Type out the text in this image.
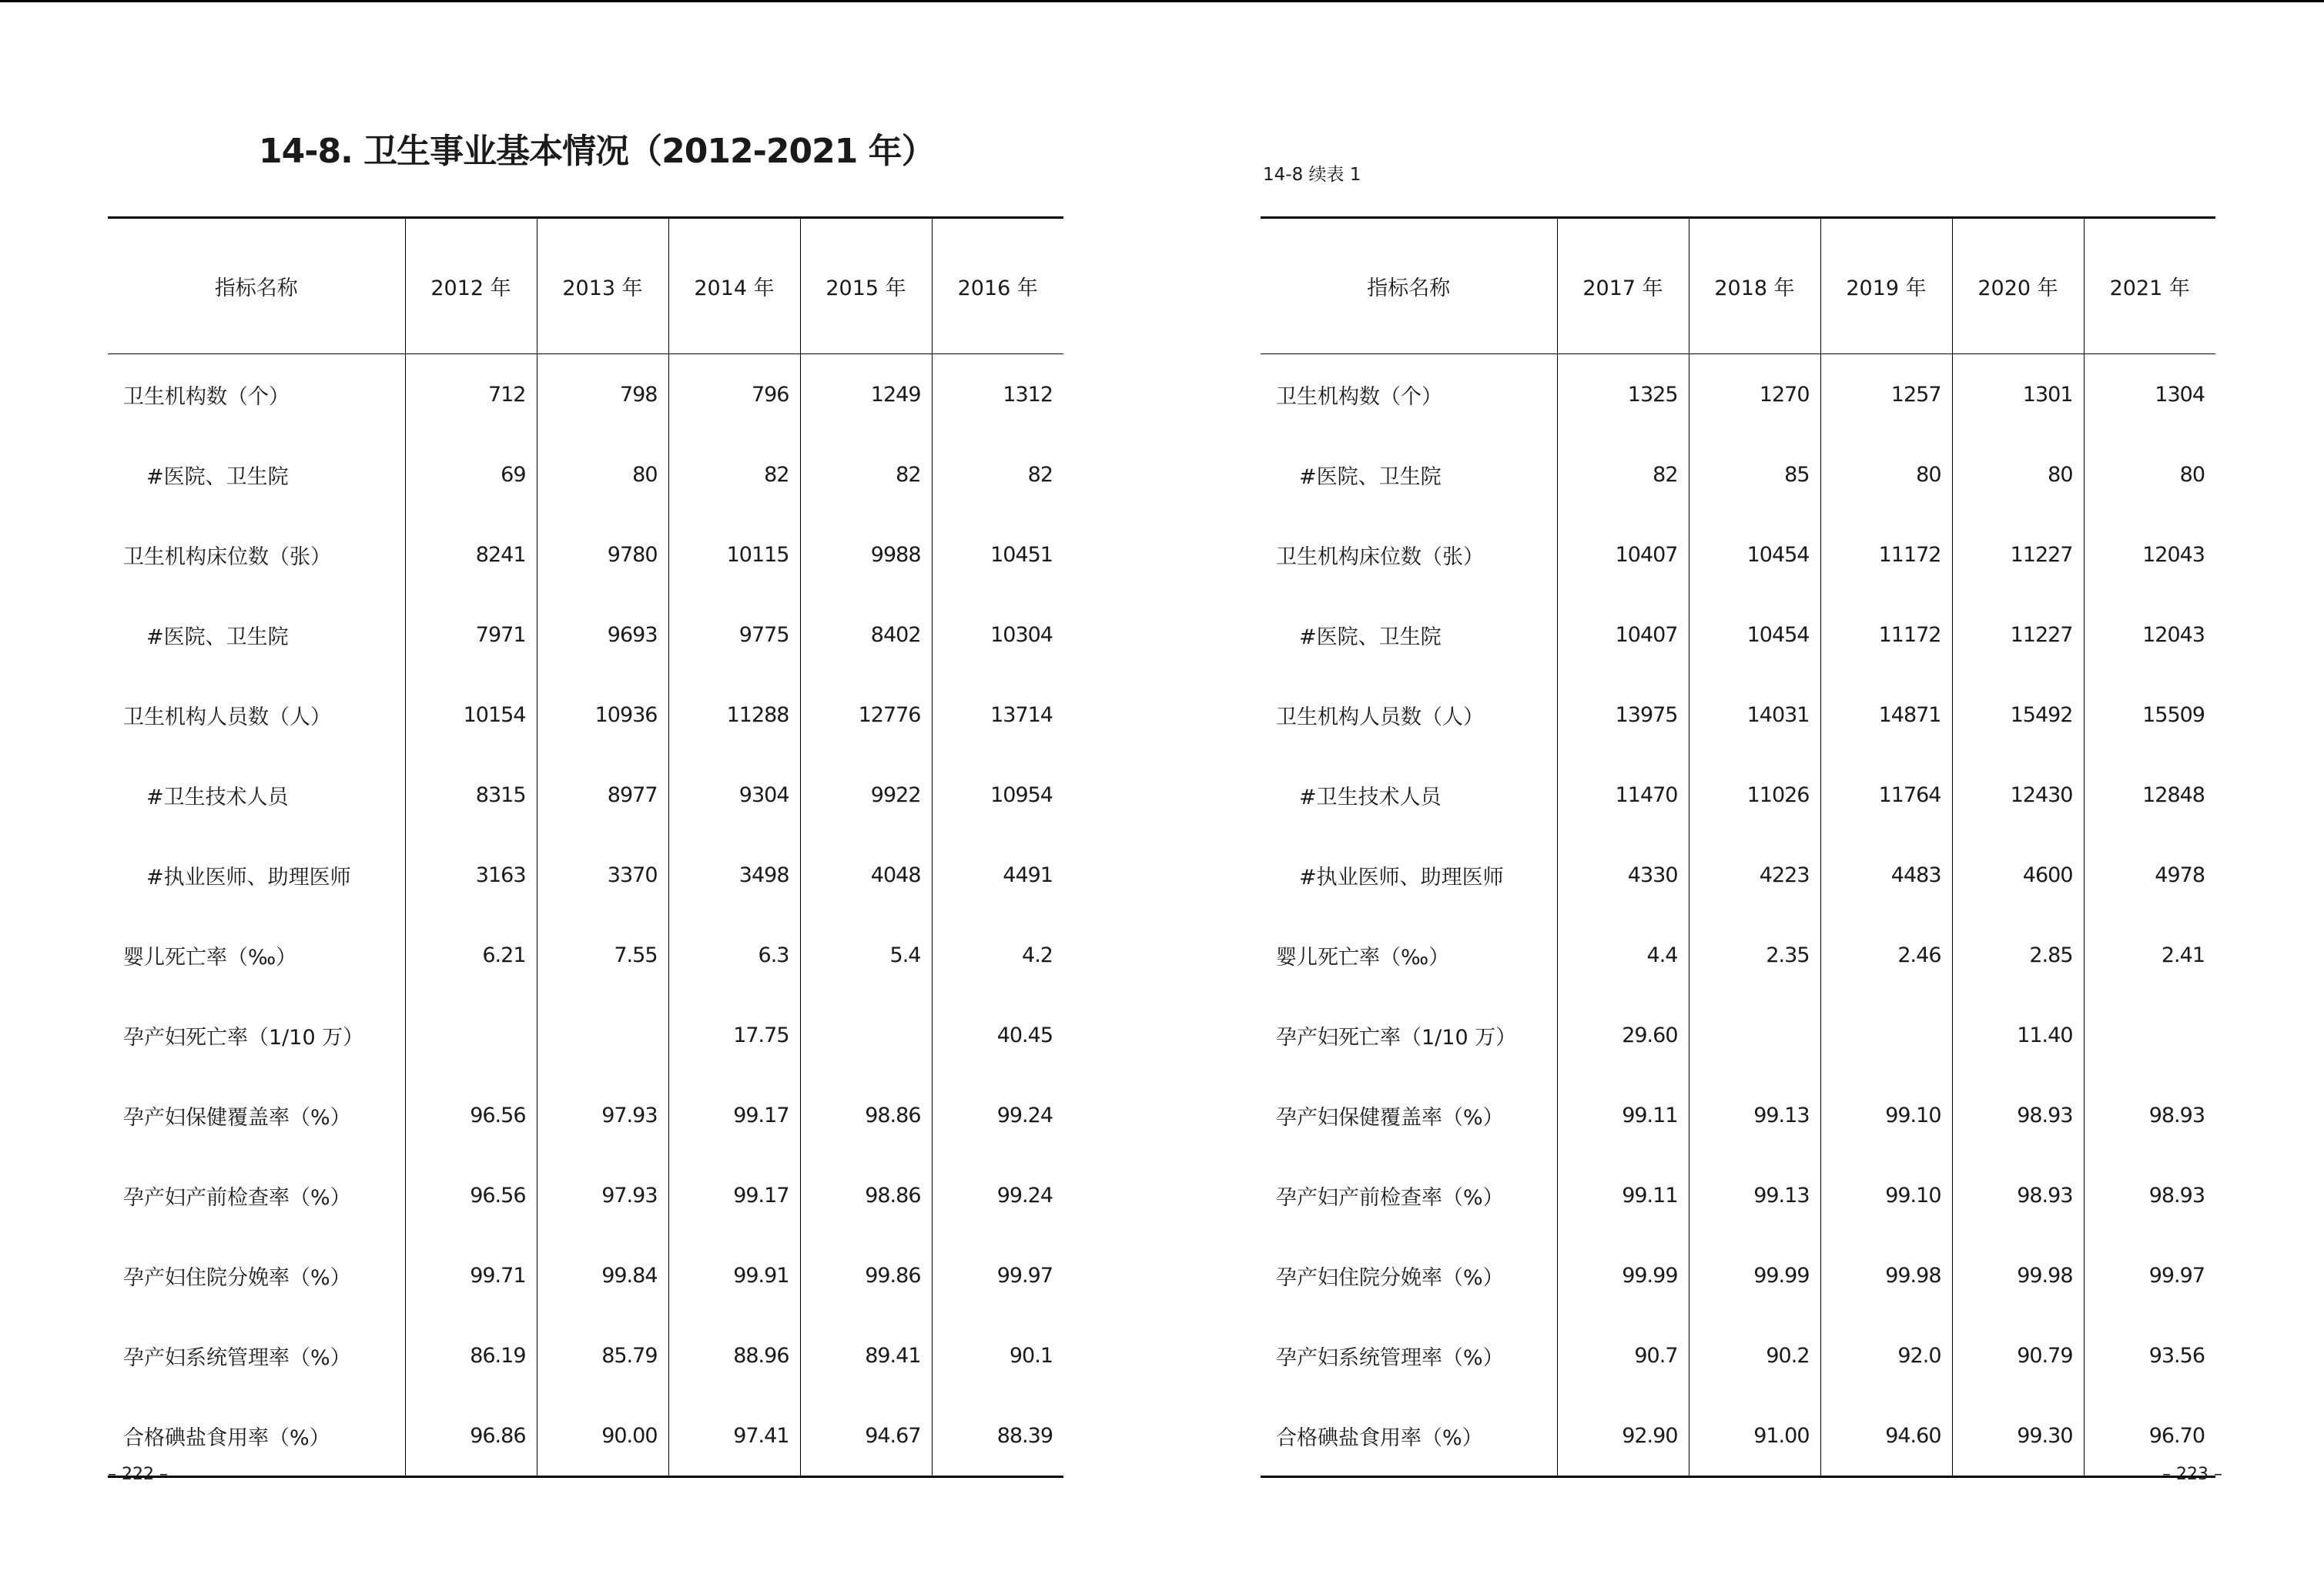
14-8. 卫生事业基本情况（2012-2021 年）
14-8 续表 1
指标名称	2012 年	2013 年	2014 年	2015 年	2016 年
卫生机构数（个）	712	798	796	1249	1312
#医院、卫生院	69	80	82	82	82
卫生机构床位数（张）	8241	9780	10115	9988	10451
#医院、卫生院	7971	9693	9775	8402	10304
卫生机构人员数（人）	10154	10936	11288	12776	13714
#卫生技术人员	8315	8977	9304	9922	10954
#执业医师、助理医师	3163	3370	3498	4048	4491
婴儿死亡率（‰）	6.21	7.55	6.3	5.4	4.2
孕产妇死亡率（1/10 万）			17.75		40.45
孕产妇保健覆盖率（%）	96.56	97.93	99.17	98.86	99.24
孕产妇产前检查率（%）	96.56	97.93	99.17	98.86	99.24
孕产妇住院分娩率（%）	99.71	99.84	99.91	99.86	99.97
孕产妇系统管理率（%）	86.19	85.79	88.96	89.41	90.1
合格碘盐食用率（%）	96.86	90.00	97.41	94.67	88.39
指标名称	2017 年	2018 年	2019 年	2020 年	2021 年
卫生机构数（个）	1325	1270	1257	1301	1304
#医院、卫生院	82	85	80	80	80
卫生机构床位数（张）	10407	10454	11172	11227	12043
#医院、卫生院	10407	10454	11172	11227	12043
卫生机构人员数（人）	13975	14031	14871	15492	15509
#卫生技术人员	11470	11026	11764	12430	12848
#执业医师、助理医师	4330	4223	4483	4600	4978
婴儿死亡率（‰）	4.4	2.35	2.46	2.85	2.41
孕产妇死亡率（1/10 万）	29.60			11.40	
孕产妇保健覆盖率（%）	99.11	99.13	99.10	98.93	98.93
孕产妇产前检查率（%）	99.11	99.13	99.10	98.93	98.93
孕产妇住院分娩率（%）	99.99	99.99	99.98	99.98	99.97
孕产妇系统管理率（%）	90.7	90.2	92.0	90.79	93.56
合格碘盐食用率（%）	92.90	91.00	94.60	99.30	96.70
– 222 –	– 223 –
